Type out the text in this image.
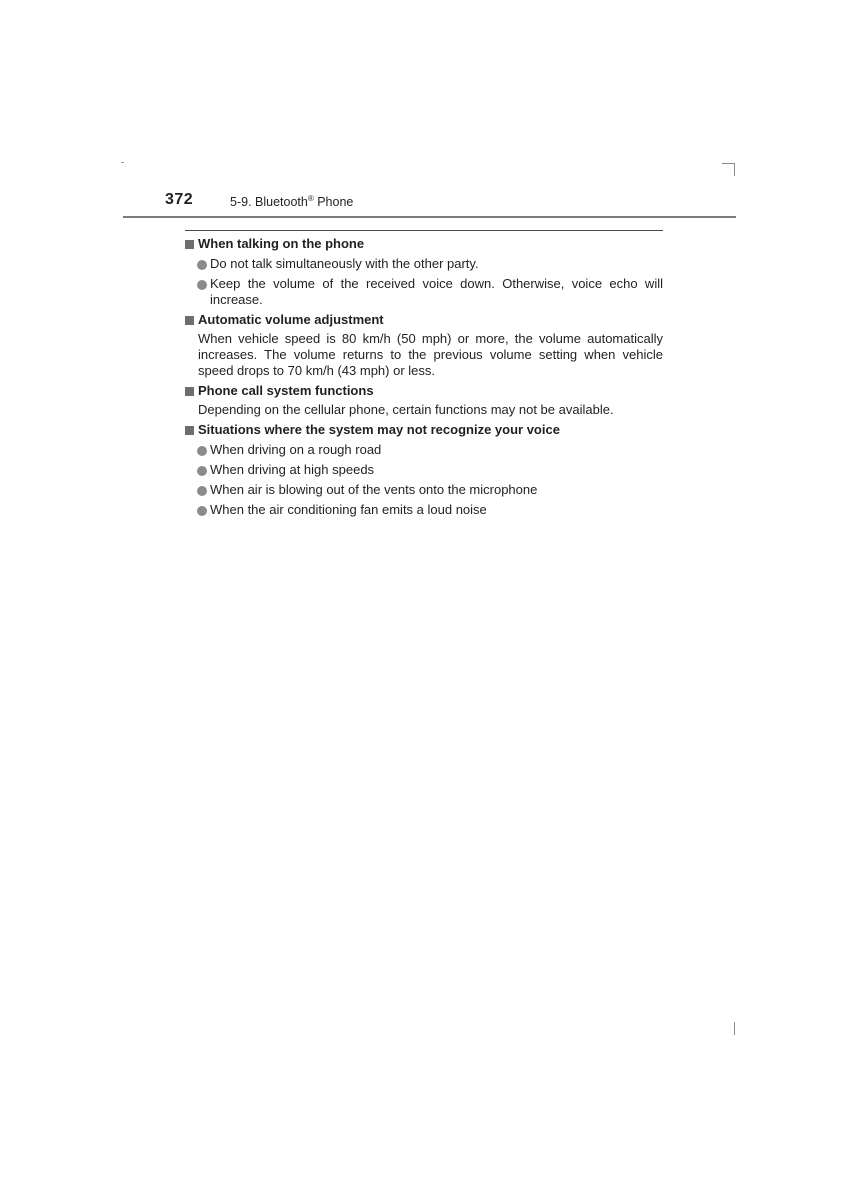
372	5-9. Bluetooth® Phone
When talking on the phone
Do not talk simultaneously with the other party.
Keep the volume of the received voice down. Otherwise, voice echo will increase.
Automatic volume adjustment
When vehicle speed is 80 km/h (50 mph) or more, the volume automatically increases. The volume returns to the previous volume setting when vehicle speed drops to 70 km/h (43 mph) or less.
Phone call system functions
Depending on the cellular phone, certain functions may not be available.
Situations where the system may not recognize your voice
When driving on a rough road
When driving at high speeds
When air is blowing out of the vents onto the microphone
When the air conditioning fan emits a loud noise
